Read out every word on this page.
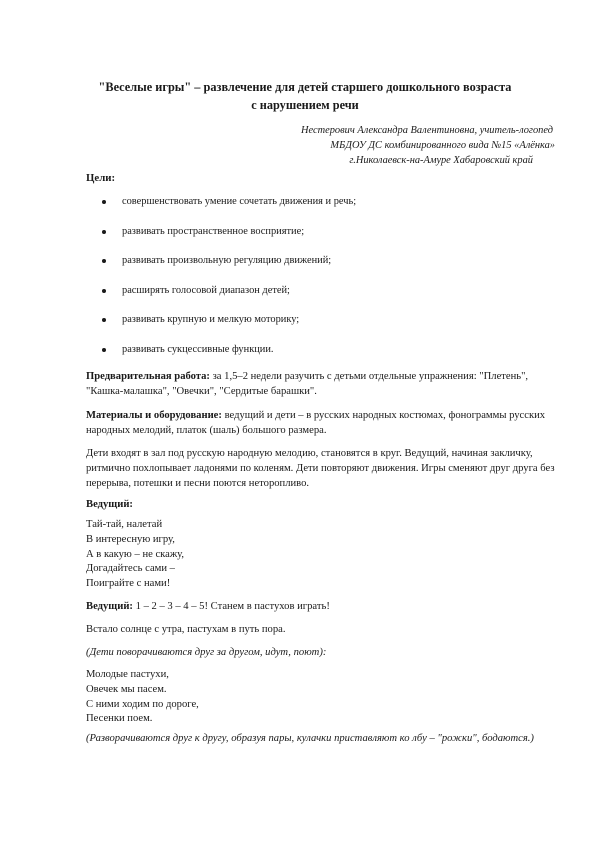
"Веселые игры" – развлечение для детей старшего дошкольного возраста
с нарушением речи
Нестерович Александра Валентиновна, учитель-логопед
МБДОУ ДС комбинированного вида №15 «Алёнка»
г.Николаевск-на-Амуре Хабаровский край
Цели:
совершенствовать умение сочетать движения и речь;
развивать пространственное восприятие;
развивать произвольную регуляцию движений;
расширять голосовой диапазон детей;
развивать крупную и мелкую моторику;
развивать сукцессивные функции.
Предварительная работа: за 1,5–2 недели разучить с детьми отдельные упражнения: "Плетень", "Кашка-малашка", "Овечки", "Сердитые барашки".
Материалы и оборудование: ведущий и дети – в русских народных костюмах, фонограммы русских народных мелодий, платок (шаль) большого размера.
Дети входят в зал под русскую народную мелодию, становятся в круг. Ведущий, начиная закличку, ритмично похлопывает ладонями по коленям. Дети повторяют движения. Игры сменяют друг друга без перерыва, потешки и песни поются неторопливо.
Ведущий:
Тай-тай, налетай
В интересную игру,
А в какую – не скажу,
Догадайтесь сами –
Поиграйте с нами!
Ведущий: 1 – 2 – 3 – 4 – 5! Станем в пастухов играть!
Встало солнце с утра, пастухам в путь пора.
(Дети поворачиваются друг за другом, идут, поют):
Молодые пастухи,
Овечек мы пасем.
С ними ходим по дороге,
Песенки поем.
(Разворачиваются друг к другу, образуя пары, кулачки приставляют ко лбу – "рожки", бодаются.)
